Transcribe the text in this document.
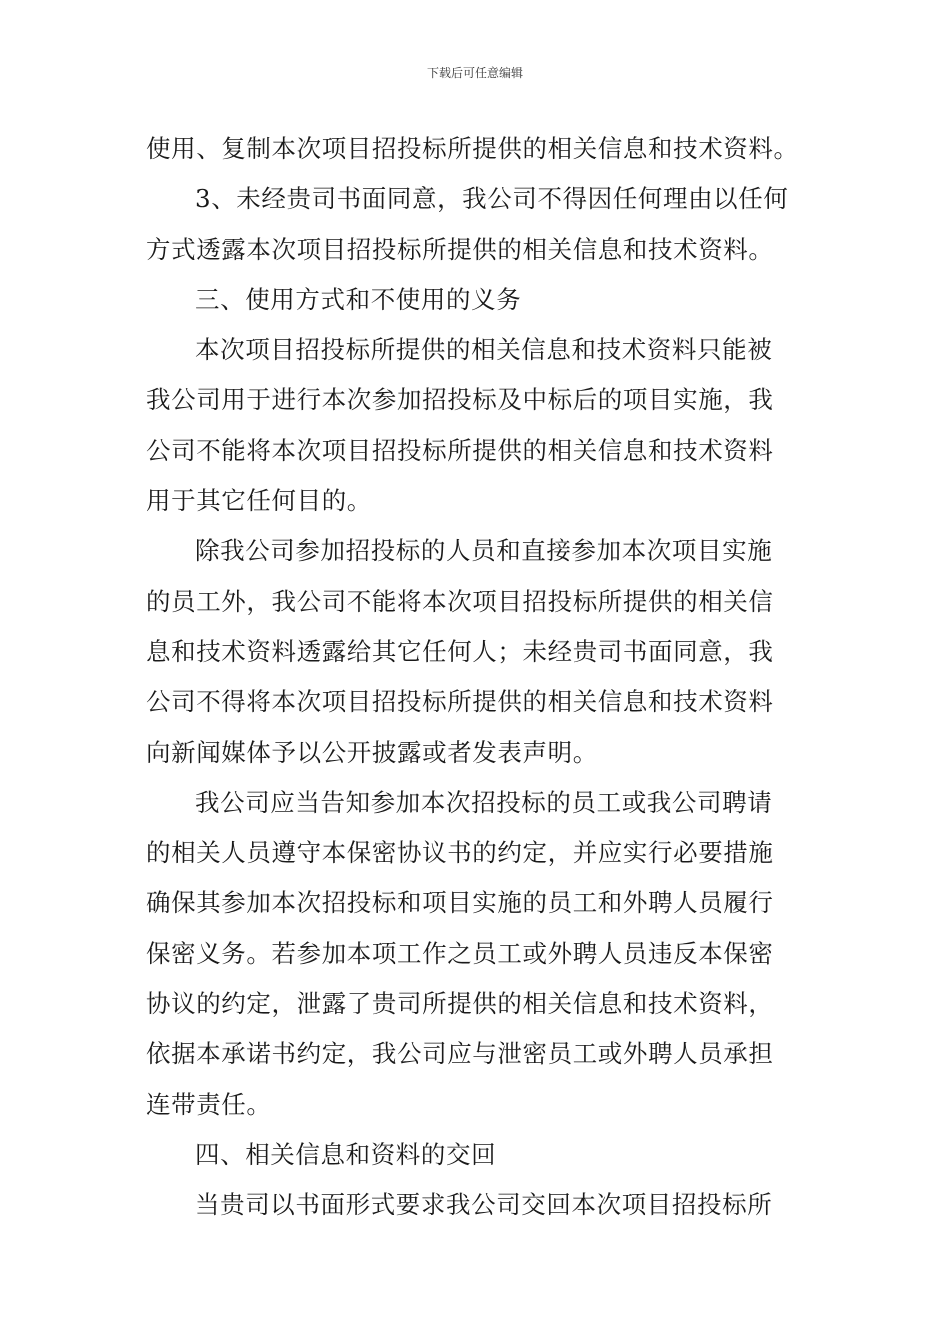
下载后可任意编辑
使用、复制本次项目招投标所提供的相关信息和技术资料。
3、未经贵司书面同意，我公司不得因任何理由以任何
方式透露本次项目招投标所提供的相关信息和技术资料。
三、使用方式和不使用的义务
本次项目招投标所提供的相关信息和技术资料只能被
我公司用于进行本次参加招投标及中标后的项目实施，我
公司不能将本次项目招投标所提供的相关信息和技术资料
用于其它任何目的。
除我公司参加招投标的人员和直接参加本次项目实施
的员工外，我公司不能将本次项目招投标所提供的相关信
息和技术资料透露给其它任何人；未经贵司书面同意，我
公司不得将本次项目招投标所提供的相关信息和技术资料
向新闻媒体予以公开披露或者发表声明。
我公司应当告知参加本次招投标的员工或我公司聘请
的相关人员遵守本保密协议书的约定，并应实行必要措施
确保其参加本次招投标和项目实施的员工和外聘人员履行
保密义务。若参加本项工作之员工或外聘人员违反本保密
协议的约定，泄露了贵司所提供的相关信息和技术资料，
依据本承诺书约定，我公司应与泄密员工或外聘人员承担
连带责任。
四、相关信息和资料的交回
当贵司以书面形式要求我公司交回本次项目招投标所
